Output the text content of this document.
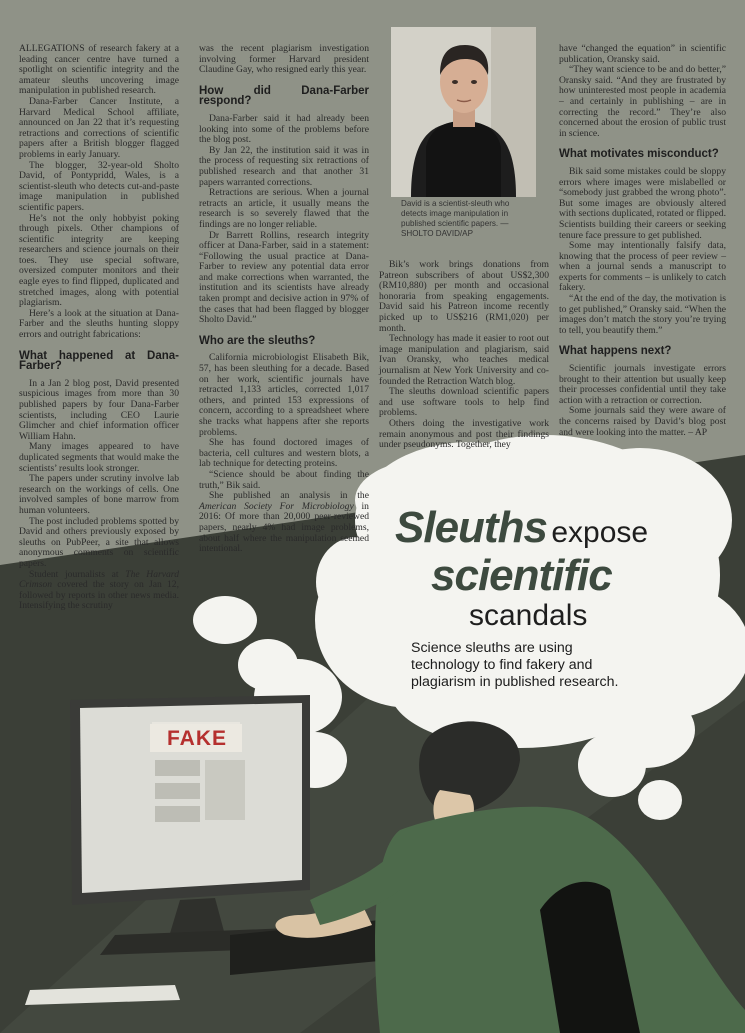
David is a scientist-sleuth who detects image manipulation in published scientific papers. — SHOLTO DAVID/AP

ALLEGATIONS of research fakery at a leading cancer centre have turned a spotlight on scientific integrity and the amateur sleuths uncovering image manipulation in published research.

Dana-Farber Cancer Institute, a Harvard Medical School affiliate, announced on Jan 22 that it’s requesting retractions and corrections of scientific papers after a British blogger flagged problems in early January.

The blogger, 32-year-old Sholto David, of Pontypridd, Wales, is a scientist-sleuth who detects cut-and-paste image manipulation in published scientific papers.

He’s not the only hobbyist poking through pixels. Other champions of scientific integrity are keeping researchers and science journals on their toes. They use special software, oversized computer monitors and their eagle eyes to find flipped, duplicated and stretched images, along with potential plagiarism.

Here’s a look at the situation at Dana-Farber and the sleuths hunting sloppy errors and outright fabrications:

What happened at Dana-Farber?

In a Jan 2 blog post, David presented suspicious images from more than 30 published papers by four Dana-Farber scientists, including CEO Laurie Glimcher and chief information officer William Hahn.

Many images appeared to have duplicated segments that would make the scientists’ results look stronger.

The papers under scrutiny involve lab research on the workings of cells. One involved samples of bone marrow from human volunteers.

The post included problems spotted by David and others previously exposed by sleuths on PubPeer, a site that allows anonymous comments on scientific papers.

Student journalists at The Harvard Crimson covered the story on Jan 12, followed by reports in other news media. Intensifying the scrutiny

was the recent plagiarism investigation involving former Harvard president Claudine Gay, who resigned early this year.

How did Dana-Farber respond?

Dana-Farber said it had already been looking into some of the problems before the blog post.

By Jan 22, the institution said it was in the process of requesting six retractions of published research and that another 31 papers warranted corrections.

Retractions are serious. When a journal retracts an article, it usually means the research is so severely flawed that the findings are no longer reliable.

Dr Barrett Rollins, research integrity officer at Dana-Farber, said in a statement: “Following the usual practice at Dana-Farber to review any potential data error and make corrections when warranted, the institution and its scientists have already taken prompt and decisive action in 97% of the cases that had been flagged by blogger Sholto David.”

Who are the sleuths?

California microbiologist Elisabeth Bik, 57, has been sleuthing for a decade. Based on her work, scientific journals have retracted 1,133 articles, corrected 1,017 others, and printed 153 expressions of concern, according to a spreadsheet where she tracks what happens after she reports problems.

She has found doctored images of bacteria, cell cultures and western blots, a lab technique for detecting proteins.

“Science should be about finding the truth,” Bik said.

She published an analysis in the American Society For Microbiology in 2016: Of more than 20,000 peer-reviewed papers, nearly 4% had image problems, about half where the manipulation seemed intentional.

Bik’s work brings donations from Patreon subscribers of about US$2,300 (RM10,880) per month and occasional honoraria from speaking engagements. David said his Patreon income recently picked up to US$216 (RM1,020) per month.

Technology has made it easier to root out image manipulation and plagiarism, said Ivan Oransky, who teaches medical journalism at New York University and co-founded the Retraction Watch blog.

The sleuths download scientific papers and use software tools to help find problems.

Others doing the investigative work remain anonymous and post their findings under pseudonyms. Together, they

have “changed the equation” in scientific publication, Oransky said.

“They want science to be and do better,” Oransky said. “And they are frustrated by how uninterested most people in academia – and certainly in publishing – are in correcting the record.” They’re also concerned about the erosion of public trust in science.

What motivates misconduct?

Bik said some mistakes could be sloppy errors where images were mislabelled or “somebody just grabbed the wrong photo”. But some images are obviously altered with sections duplicated, rotated or flipped. Scientists building their careers or seeking tenure face pressure to get published.

Some may intentionally falsify data, knowing that the process of peer review – when a journal sends a manuscript to experts for comments – is unlikely to catch fakery.

“At the end of the day, the motivation is to get published,” Oransky said. “When the images don’t match the story you’re trying to tell, you beautify them.”

What happens next?

Scientific journals investigate errors brought to their attention but usually keep their processes confidential until they take action with a retraction or correction.

Some journals said they were aware of the concerns raised by David’s blog post and were looking into the matter. – AP

Sleuths expose
scientific
scandals
Science sleuths are using technology to find fakery and plagiarism in published research.
FAKE
